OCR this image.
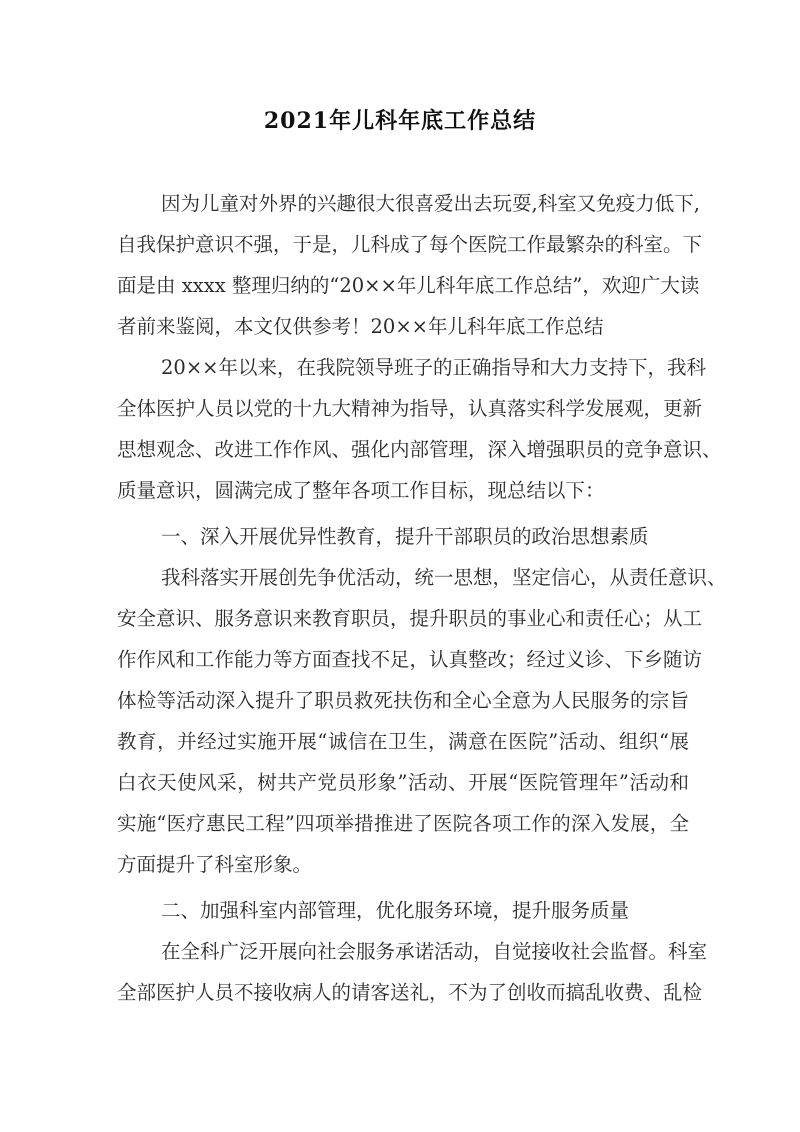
2021年儿科年底工作总结
因为儿童对外界的兴趣很大很喜爱出去玩耍,科室又免疫力低下,
自我保护意识不强，于是，儿科成了每个医院工作最繁杂的科室。下
面是由 xxxx 整理归纳的“20××年儿科年底工作总结”，欢迎广大读
者前来鉴阅，本文仅供参考！20××年儿科年底工作总结
20××年以来，在我院领导班子的正确指导和大力支持下，我科
全体医护人员以党的十九大精神为指导，认真落实科学发展观，更新
思想观念、改进工作作风、强化内部管理，深入增强职员的竞争意识、
质量意识，圆满完成了整年各项工作目标，现总结以下：
一、深入开展优异性教育，提升干部职员的政治思想素质
我科落实开展创先争优活动，统一思想，坚定信心，从责任意识、
安全意识、服务意识来教育职员，提升职员的事业心和责任心；从工
作作风和工作能力等方面查找不足，认真整改；经过义诊、下乡随访
体检等活动深入提升了职员救死扶伤和全心全意为人民服务的宗旨
教育，并经过实施开展“诚信在卫生，满意在医院”活动、组织“展
白衣天使风采，树共产党员形象”活动、开展“医院管理年”活动和
实施“医疗惠民工程”四项举措推进了医院各项工作的深入发展，全
方面提升了科室形象。
二、加强科室内部管理，优化服务环境，提升服务质量
在全科广泛开展向社会服务承诺活动，自觉接收社会监督。科室
全部医护人员不接收病人的请客送礼，不为了创收而搞乱收费、乱检
